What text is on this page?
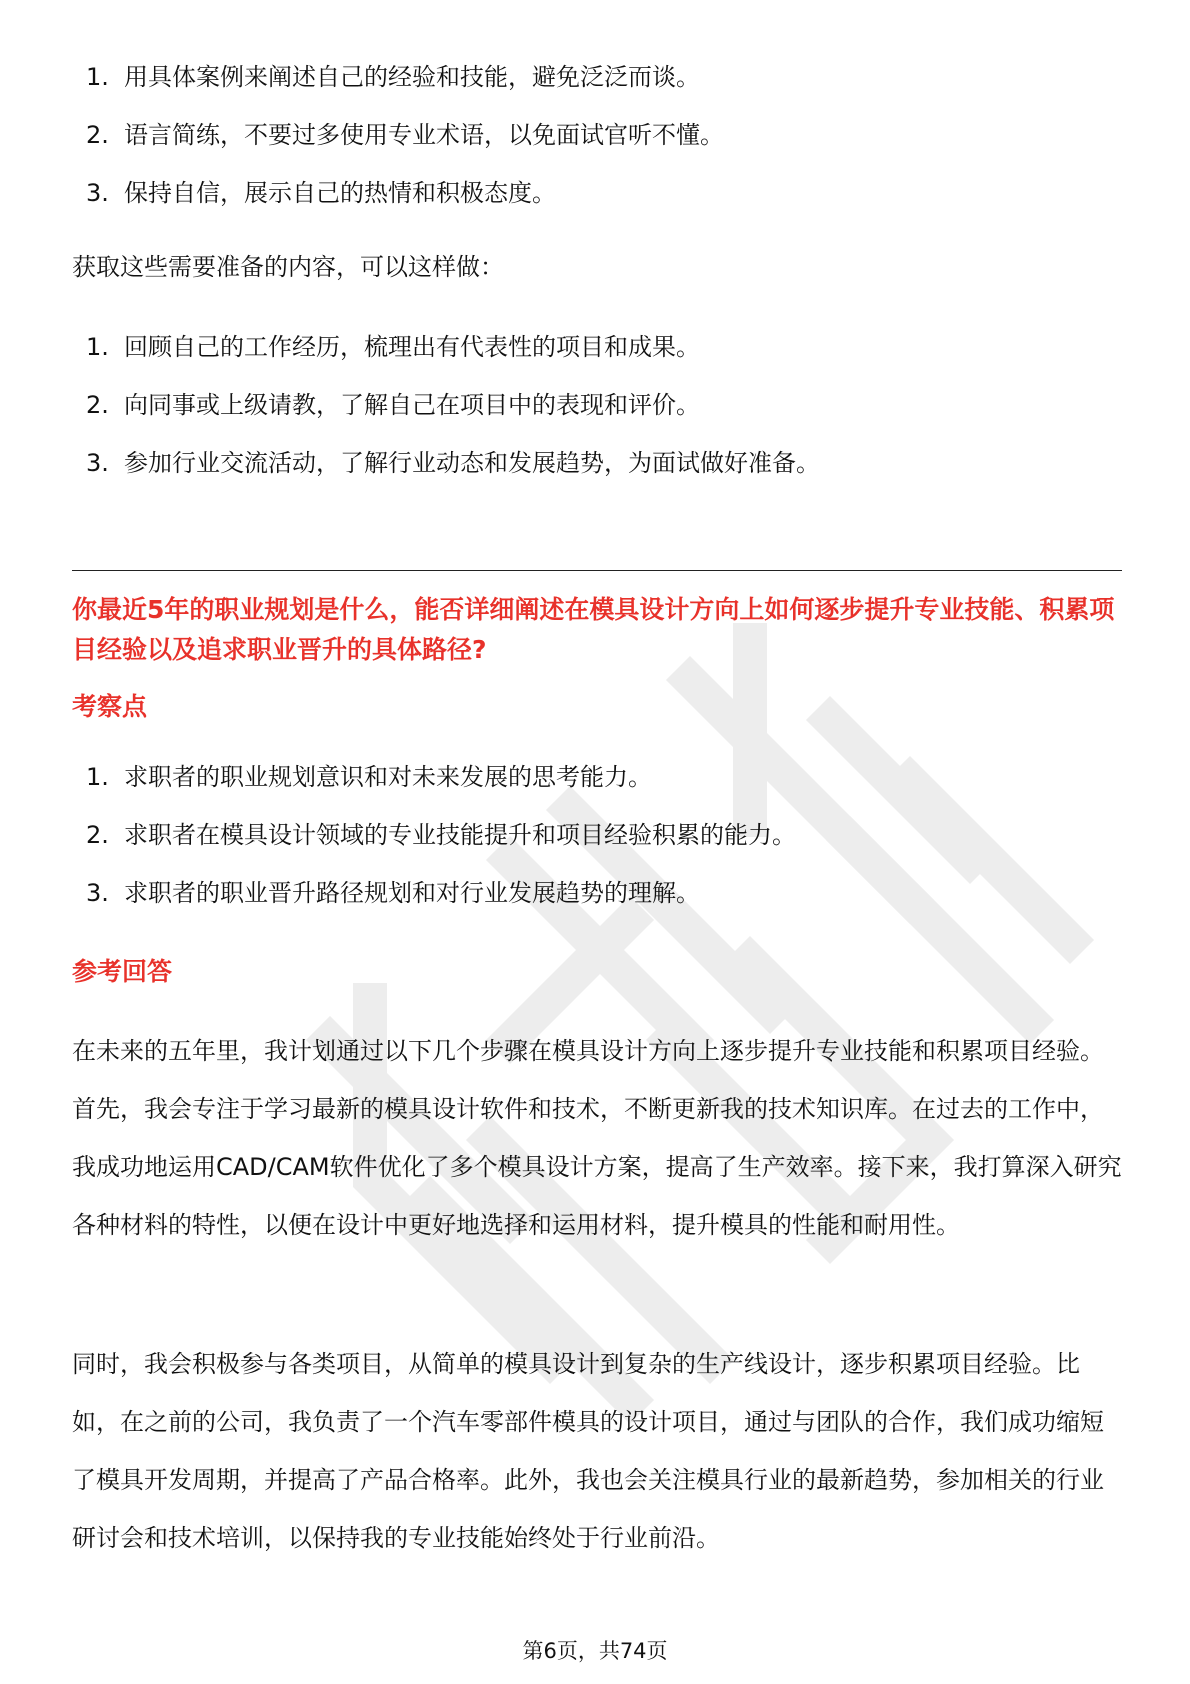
1. 用具体案例来阐述自己的经验和技能，避免泛泛而谈。
2. 语言简练，不要过多使用专业术语，以免面试官听不懂。
3. 保持自信，展示自己的热情和积极态度。

获取这些需要准备的内容，可以这样做：

1. 回顾自己的工作经历，梳理出有代表性的项目和成果。
2. 向同事或上级请教，了解自己在项目中的表现和评价。
3. 参加行业交流活动，了解行业动态和发展趋势，为面试做好准备。

你最近5年的职业规划是什么，能否详细阐述在模具设计方向上如何逐步提升专业技能、积累项目经验以及追求职业晋升的具体路径?

考察点

1. 求职者的职业规划意识和对未来发展的思考能力。
2. 求职者在模具设计领域的专业技能提升和项目经验积累的能力。
3. 求职者的职业晋升路径规划和对行业发展趋势的理解。

参考回答

在未来的五年里，我计划通过以下几个步骤在模具设计方向上逐步提升专业技能和积累项目经验。首先，我会专注于学习最新的模具设计软件和技术，不断更新我的技术知识库。在过去的工作中，我成功地运用CAD/CAM软件优化了多个模具设计方案，提高了生产效率。接下来，我打算深入研究各种材料的特性，以便在设计中更好地选择和运用材料，提升模具的性能和耐用性。

同时，我会积极参与各类项目，从简单的模具设计到复杂的生产线设计，逐步积累项目经验。比如，在之前的公司，我负责了一个汽车零部件模具的设计项目，通过与团队的合作，我们成功缩短了模具开发周期，并提高了产品合格率。此外，我也会关注模具行业的最新趋势，参加相关的行业研讨会和技术培训，以保持我的专业技能始终处于行业前沿。

第6页，共74页
